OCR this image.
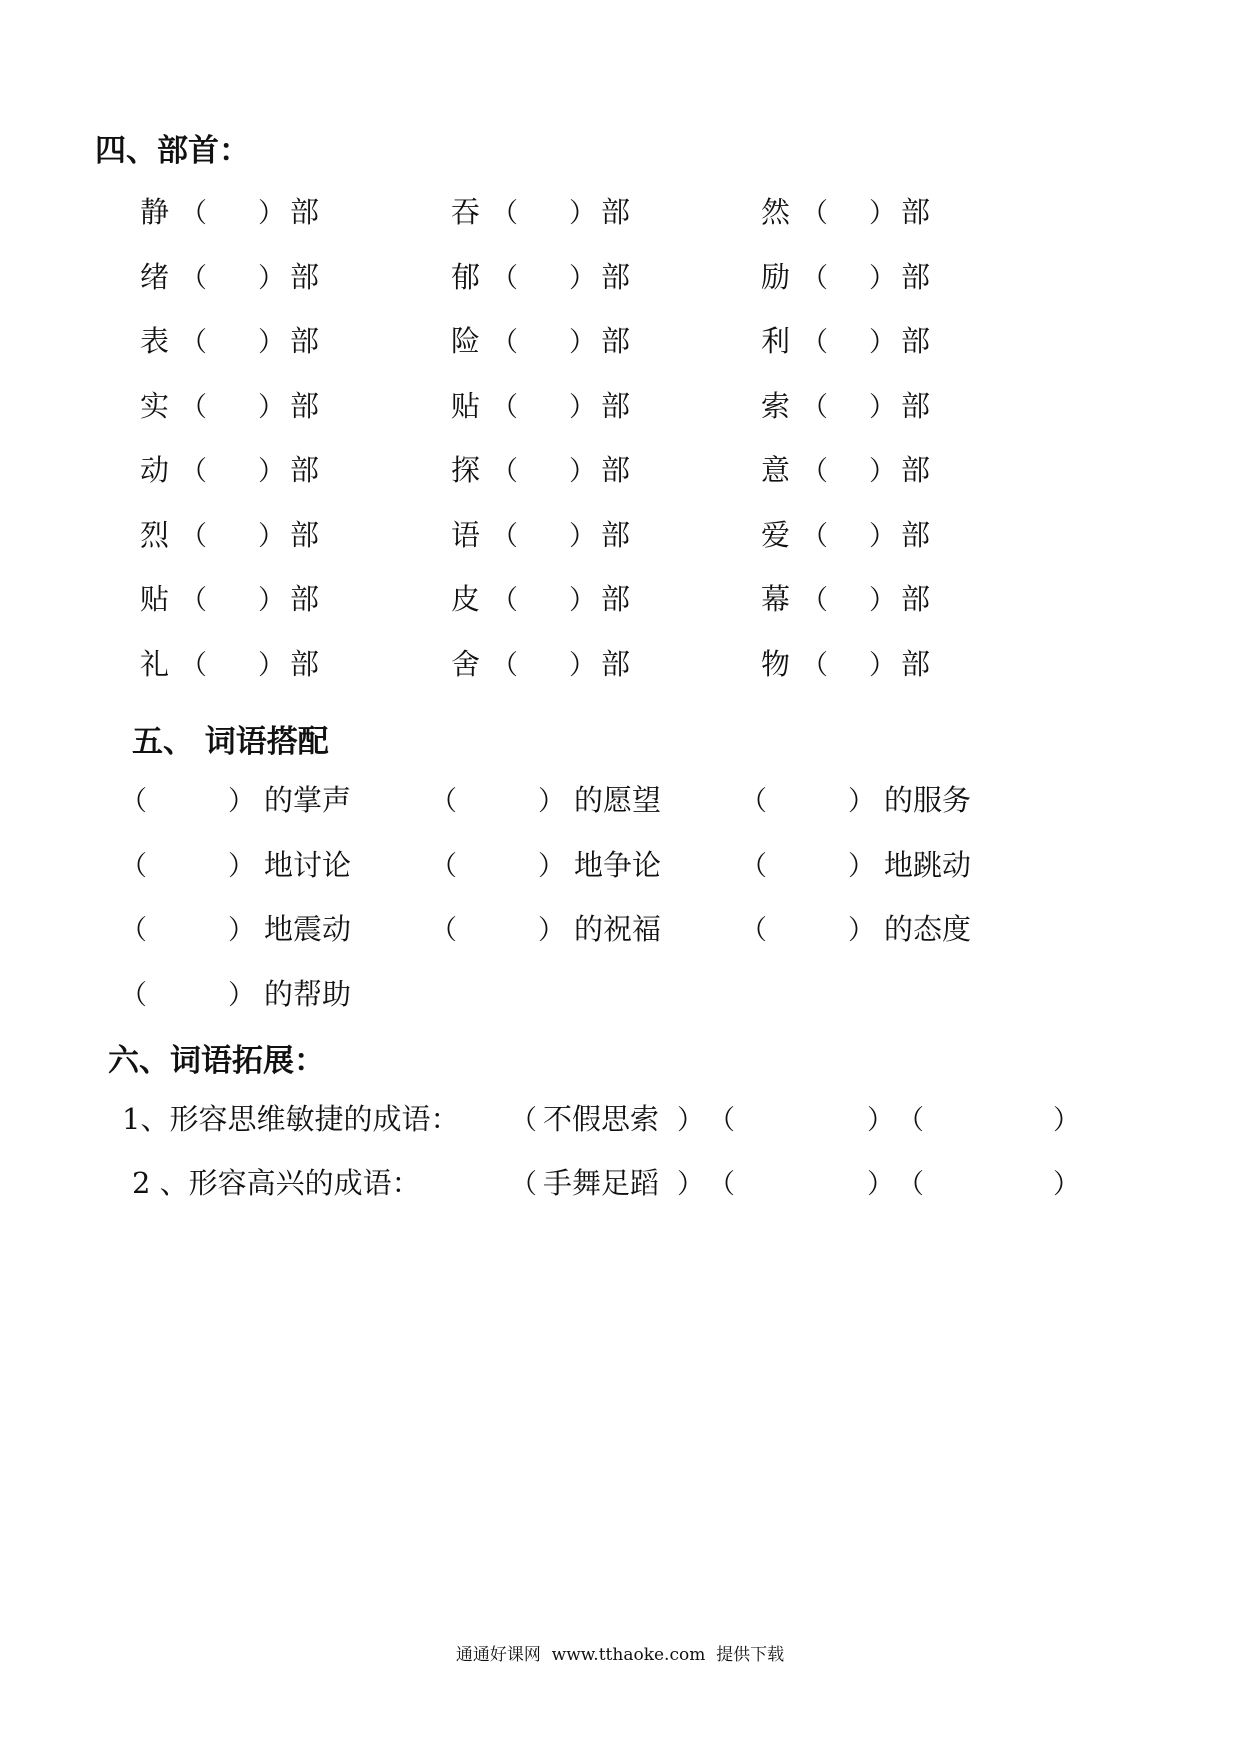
四、部首：
静 （ ） 部	吞 （ ） 部	然 （ ） 部
绪 （ ） 部	郁 （ ） 部	励 （ ） 部
表 （ ） 部	险 （ ） 部	利 （ ） 部
实 （ ） 部	贴 （ ） 部	索 （ ） 部
动 （ ） 部	探 （ ） 部	意 （ ） 部
烈 （ ） 部	语 （ ） 部	爱 （ ） 部
贴 （ ） 部	皮 （ ） 部	幕 （ ） 部
礼 （ ） 部	舍 （ ） 部	物 （ ） 部
五、 词语搭配
（	） 的掌声	（	） 的愿望	（	） 的服务
（	） 地讨论	（	） 地争论	（	） 地跳动
（	） 地震动	（	） 的祝福	（	） 的态度
（	） 的帮助
六、词语拓展：
1、形容思维敏捷的成语： （ 不假思索 ） （	） （	）
2 、形容高兴的成语：	（ 手舞足蹈 ） （	） （	）
通通好课网  www.tthaoke.com  提供下载
